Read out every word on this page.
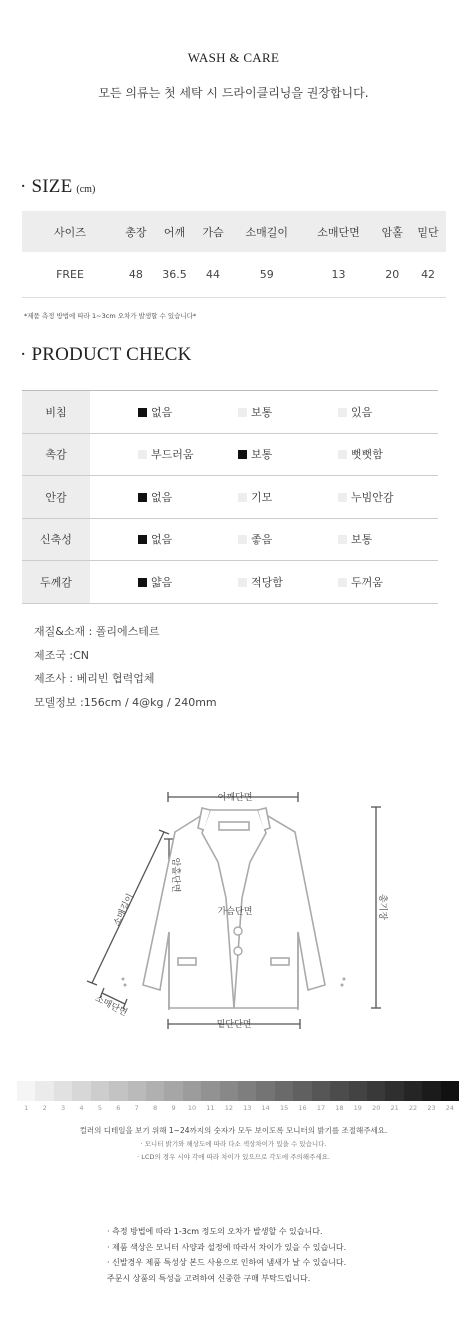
WASH & CARE
모든 의류는 첫 세탁 시 드라이클리닝을 권장합니다.
· SIZE (cm)
사이즈	총장	어깨	가슴	소매길이	소매단면	암홀	밑단
FREE	48	36.5	44	59	13	20	42
*제품 측정 방법에 따라 1~3cm 오차가 발생할 수 있습니다*
· PRODUCT CHECK
비침	없음	보통	있음
촉감	부드러움	보통	뻣뻣함
안감	없음	기모	누빔안감
신축성	없음	좋음	보통
두께감	얇음	적당함	두꺼움
재질&소재 : 폴리에스테르
제조국 :CN
제조사 : 베리빈 협력업체
모델정보 :156cm / 4@kg / 240mm
어깨단면
가슴단면
밑단단면
암홀단면
총기장
소매길이
소매단면
1	2	3	4	5	6	7	8	9	10	11	12	13	14	15	16	17	18	19	20	21	22	23	24
컬러의 디테일을 보기 위해 1~24까지의 숫자가 모두 보이도록 모니터의 밝기를 조절해주세요.
· 모니터 밝기와 해상도에 따라 다소 색상차이가 있을 수 있습니다.
· LCD의 경우 시야 각에 따라 차이가 있으므로 각도에 주의해주세요.
· 측정 방법에 따라 1-3cm 정도의 오차가 발생할 수 있습니다.
· 제품 색상은 모니터 사양과 설정에 따라서 차이가 있을 수 있습니다.
· 신발경우 제품 특성상 본드 사용으로 인하여 냄새가 날 수 있습니다.
주문시 상품의 특성을 고려하여 신중한 구매 부탁드립니다.
